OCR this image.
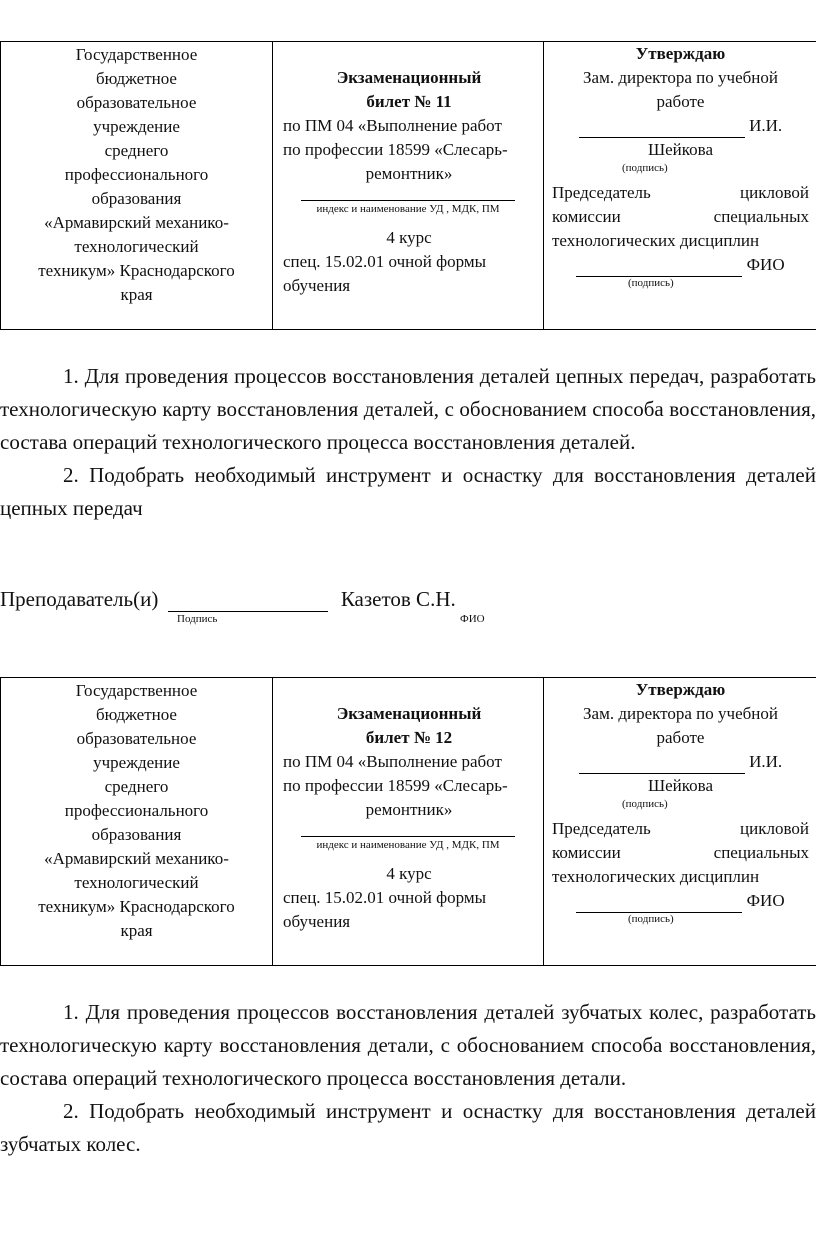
Государственное
бюджетное
образовательное
учреждение
среднего
профессионального
образования
«Армавирский механико-
технологический
техникум» Краснодарского
края

Экзаменационный
билет № 11
по ПМ 04 «Выполнение работ
по профессии 18599 «Слесарь-
ремонтник»
индекс и наименование УД , МДК, ПМ
4 курс
спец. 15.02.01 очной формы
обучения

Утверждаю
Зам. директора по учебной
работе
И.И.
Шейкова
(подпись)
Председатель	цикловой
комиссии	специальных
технологических дисциплин
ФИО
(подпись)

1. Для проведения процессов восстановления деталей цепных передач, разработать технологическую карту восстановления деталей, с обоснованием способа восстановления, состава операций технологического процесса восстановления деталей.

2. Подобрать необходимый инструмент и оснастку для восстановления деталей цепных передач

Преподаватель(и)	Казетов С.Н.
Подпись	ФИО
Государственное
бюджетное
образовательное
учреждение
среднего
профессионального
образования
«Армавирский механико-
технологический
техникум» Краснодарского
края

Экзаменационный
билет № 12
по ПМ 04 «Выполнение работ
по профессии 18599 «Слесарь-
ремонтник»
индекс и наименование УД , МДК, ПМ
4 курс
спец. 15.02.01 очной формы
обучения

Утверждаю
Зам. директора по учебной
работе
И.И.
Шейкова
(подпись)
Председатель	цикловой
комиссии	специальных
технологических дисциплин
ФИО
(подпись)

1. Для проведения процессов восстановления деталей зубчатых колес, разработать технологическую карту восстановления детали, с обоснованием способа восстановления, состава операций технологического процесса восстановления детали.

2. Подобрать необходимый инструмент и оснастку для восстановления деталей зубчатых колес.
